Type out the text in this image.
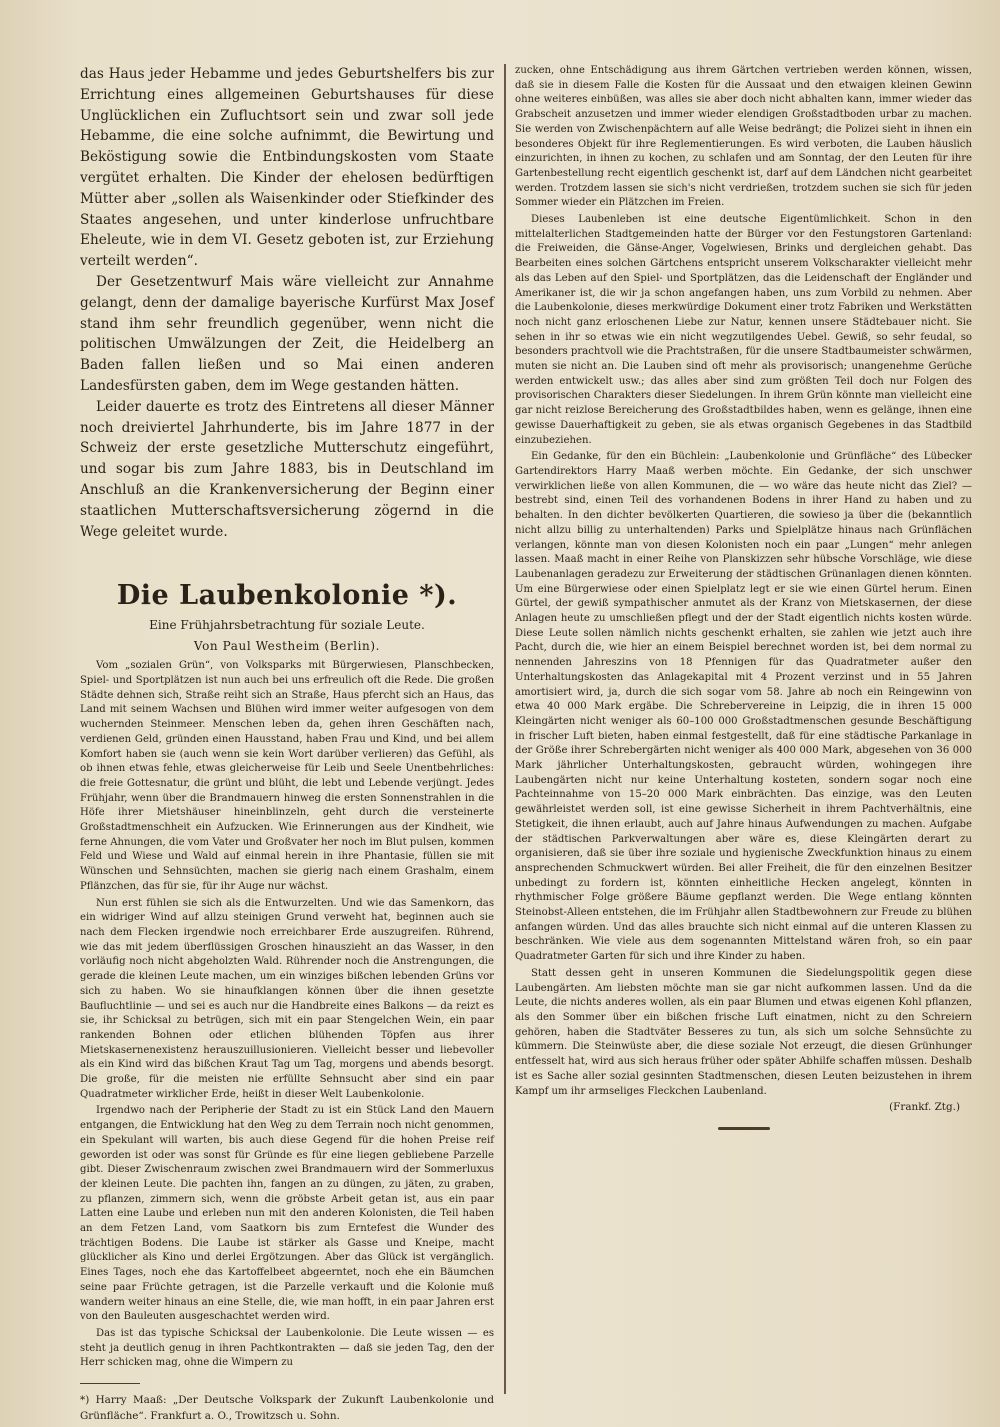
das Haus jeder Hebamme und jedes Geburtshelfers bis zur Errichtung eines allgemeinen Geburtshauses für diese Unglücklichen ein Zufluchtsort sein und zwar soll jede Hebamme, die eine solche aufnimmt, die Bewirtung und Beköstigung sowie die Entbindungskosten vom Staate vergütet erhalten. Die Kinder der ehelosen bedürftigen Mütter aber „sollen als Waisenkinder oder Stiefkinder des Staates angesehen, und unter kinderlose unfruchtbare Eheleute, wie in dem VI. Gesetz geboten ist, zur Erziehung verteilt werden“.

Der Gesetzentwurf Mais wäre vielleicht zur Annahme gelangt, denn der damalige bayerische Kurfürst Max Josef stand ihm sehr freundlich gegenüber, wenn nicht die politischen Umwälzungen der Zeit, die Heidelberg an Baden fallen ließen und so Mai einen anderen Landesfürsten gaben, dem im Wege gestanden hätten.

Leider dauerte es trotz des Eintretens all dieser Männer noch dreiviertel Jahrhunderte, bis im Jahre 1877 in der Schweiz der erste gesetzliche Mutterschutz eingeführt, und sogar bis zum Jahre 1883, bis in Deutschland im Anschluß an die Krankenversicherung der Beginn einer staatlichen Mutterschaftsversicherung zögernd in die Wege geleitet wurde.

Die Laubenkolonie *).
Eine Frühjahrsbetrachtung für soziale Leute.
Von Paul Westheim (Berlin).

Vom „sozialen Grün“, von Volksparks mit Bürgerwiesen, Planschbecken, Spiel- und Sportplätzen ist nun auch bei uns erfreulich oft die Rede. Die großen Städte dehnen sich, Straße reiht sich an Straße, Haus pfercht sich an Haus, das Land mit seinem Wachsen und Blühen wird immer weiter aufgesogen von dem wuchernden Steinmeer. Menschen leben da, gehen ihren Geschäften nach, verdienen Geld, gründen einen Hausstand, haben Frau und Kind, und bei allem Komfort haben sie (auch wenn sie kein Wort darüber verlieren) das Gefühl, als ob ihnen etwas fehle, etwas gleicherweise für Leib und Seele Unentbehrliches: die freie Gottesnatur, die grünt und blüht, die lebt und Lebende verjüngt. Jedes Frühjahr, wenn über die Brandmauern hinweg die ersten Sonnenstrahlen in die Höfe ihrer Mietshäuser hineinblinzeln, geht durch die versteinerte Großstadtmenschheit ein Aufzucken. Wie Erinnerungen aus der Kindheit, wie ferne Ahnungen, die vom Vater und Großvater her noch im Blut pulsen, kommen Feld und Wiese und Wald auf einmal herein in ihre Phantasie, füllen sie mit Wünschen und Sehnsüchten, machen sie gierig nach einem Grashalm, einem Pflänzchen, das für sie, für ihr Auge nur wächst.

Nun erst fühlen sie sich als die Entwurzelten. Und wie das Samenkorn, das ein widriger Wind auf allzu steinigen Grund verweht hat, beginnen auch sie nach dem Flecken irgendwie noch erreichbarer Erde auszugreifen. Rührend, wie das mit jedem überflüssigen Groschen hinauszieht an das Wasser, in den vorläufig noch nicht abgeholzten Wald. Rührender noch die Anstrengungen, die gerade die kleinen Leute machen, um ein winziges bißchen lebenden Grüns vor sich zu haben. Wo sie hinaufklangen können über die ihnen gesetzte Baufluchtlinie — und sei es auch nur die Handbreite eines Balkons — da reizt es sie, ihr Schicksal zu betrügen, sich mit ein paar Stengelchen Wein, ein paar rankenden Bohnen oder etlichen blühenden Töpfen aus ihrer Mietskasernenexistenz herauszuillusionieren. Vielleicht besser und liebevoller als ein Kind wird das bißchen Kraut Tag um Tag, morgens und abends besorgt. Die große, für die meisten nie erfüllte Sehnsucht aber sind ein paar Quadratmeter wirklicher Erde, heißt in dieser Welt Laubenkolonie.

Irgendwo nach der Peripherie der Stadt zu ist ein Stück Land den Mauern entgangen, die Entwicklung hat den Weg zu dem Terrain noch nicht genommen, ein Spekulant will warten, bis auch diese Gegend für die hohen Preise reif geworden ist oder was sonst für Gründe es für eine liegen gebliebene Parzelle gibt. Dieser Zwischenraum zwischen zwei Brandmauern wird der Sommerluxus der kleinen Leute. Die pachten ihn, fangen an zu düngen, zu jäten, zu graben, zu pflanzen, zimmern sich, wenn die gröbste Arbeit getan ist, aus ein paar Latten eine Laube und erleben nun mit den anderen Kolonisten, die Teil haben an dem Fetzen Land, vom Saatkorn bis zum Erntefest die Wunder des trächtigen Bodens. Die Laube ist stärker als Gasse und Kneipe, macht glücklicher als Kino und derlei Ergötzungen. Aber das Glück ist vergänglich. Eines Tages, noch ehe das Kartoffelbeet abgeerntet, noch ehe ein Bäumchen seine paar Früchte getragen, ist die Parzelle verkauft und die Kolonie muß wandern weiter hinaus an eine Stelle, die, wie man hofft, in ein paar Jahren erst von den Bauleuten ausgeschachtet werden wird.

Das ist das typische Schicksal der Laubenkolonie. Die Leute wissen — es steht ja deutlich genug in ihren Pachtkontrakten — daß sie jeden Tag, den der Herr schicken mag, ohne die Wimpern zu

*) Harry Maaß: „Der Deutsche Volkspark der Zukunft Laubenkolonie und Grünfläche“. Frankfurt a. O., Trowitzsch u. Sohn.

zucken, ohne Entschädigung aus ihrem Gärtchen vertrieben werden können, wissen, daß sie in diesem Falle die Kosten für die Aussaat und den etwaigen kleinen Gewinn ohne weiteres einbüßen, was alles sie aber doch nicht abhalten kann, immer wieder das Grabscheit anzusetzen und immer wieder elendigen Großstadtboden urbar zu machen. Sie werden von Zwischenpächtern auf alle Weise bedrängt; die Polizei sieht in ihnen ein besonderes Objekt für ihre Reglementierungen. Es wird verboten, die Lauben häuslich einzurichten, in ihnen zu kochen, zu schlafen und am Sonntag, der den Leuten für ihre Gartenbestellung recht eigentlich geschenkt ist, darf auf dem Ländchen nicht gearbeitet werden. Trotzdem lassen sie sich's nicht verdrießen, trotzdem suchen sie sich für jeden Sommer wieder ein Plätzchen im Freien.

Dieses Laubenleben ist eine deutsche Eigentümlichkeit. Schon in den mittelalterlichen Stadtgemeinden hatte der Bürger vor den Festungstoren Gartenland: die Freiweiden, die Gänse-Anger, Vogelwiesen, Brinks und dergleichen gehabt. Das Bearbeiten eines solchen Gärtchens entspricht unserem Volkscharakter vielleicht mehr als das Leben auf den Spiel- und Sportplätzen, das die Leidenschaft der Engländer und Amerikaner ist, die wir ja schon angefangen haben, uns zum Vorbild zu nehmen. Aber die Laubenkolonie, dieses merkwürdige Dokument einer trotz Fabriken und Werkstätten noch nicht ganz erloschenen Liebe zur Natur, kennen unsere Städtebauer nicht. Sie sehen in ihr so etwas wie ein nicht wegzutilgendes Uebel. Gewiß, so sehr feudal, so besonders prachtvoll wie die Prachtstraßen, für die unsere Stadtbaumeister schwärmen, muten sie nicht an. Die Lauben sind oft mehr als provisorisch; unangenehme Gerüche werden entwickelt usw.; das alles aber sind zum größten Teil doch nur Folgen des provisorischen Charakters dieser Siedelungen. In ihrem Grün könnte man vielleicht eine gar nicht reizlose Bereicherung des Großstadtbildes haben, wenn es gelänge, ihnen eine gewisse Dauerhaftigkeit zu geben, sie als etwas organisch Gegebenes in das Stadtbild einzubeziehen.

Ein Gedanke, für den ein Büchlein: „Laubenkolonie und Grünfläche“ des Lübecker Gartendirektors Harry Maaß werben möchte. Ein Gedanke, der sich unschwer verwirklichen ließe von allen Kommunen, die — wo wäre das heute nicht das Ziel? — bestrebt sind, einen Teil des vorhandenen Bodens in ihrer Hand zu haben und zu behalten. In den dichter bevölkerten Quartieren, die sowieso ja über die (bekanntlich nicht allzu billig zu unterhaltenden) Parks und Spielplätze hinaus nach Grünflächen verlangen, könnte man von diesen Kolonisten noch ein paar „Lungen“ mehr anlegen lassen. Maaß macht in einer Reihe von Planskizzen sehr hübsche Vorschläge, wie diese Laubenanlagen geradezu zur Erweiterung der städtischen Grünanlagen dienen könnten. Um eine Bürgerwiese oder einen Spielplatz legt er sie wie einen Gürtel herum. Einen Gürtel, der gewiß sympathischer anmutet als der Kranz von Mietskasernen, der diese Anlagen heute zu umschließen pflegt und der der Stadt eigentlich nichts kosten würde. Diese Leute sollen nämlich nichts geschenkt erhalten, sie zahlen wie jetzt auch ihre Pacht, durch die, wie hier an einem Beispiel berechnet worden ist, bei dem normal zu nennenden Jahreszins von 18 Pfennigen für das Quadratmeter außer den Unterhaltungskosten das Anlagekapital mit 4 Prozent verzinst und in 55 Jahren amortisiert wird, ja, durch die sich sogar vom 58. Jahre ab noch ein Reingewinn von etwa 40 000 Mark ergäbe. Die Schrebervereine in Leipzig, die in ihren 15 000 Kleingärten nicht weniger als 60–100 000 Großstadtmenschen gesunde Beschäftigung in frischer Luft bieten, haben einmal festgestellt, daß für eine städtische Parkanlage in der Größe ihrer Schrebergärten nicht weniger als 400 000 Mark, abgesehen von 36 000 Mark jährlicher Unterhaltungskosten, gebraucht würden, wohingegen ihre Laubengärten nicht nur keine Unterhaltung kosteten, sondern sogar noch eine Pachteinnahme von 15–20 000 Mark einbrächten. Das einzige, was den Leuten gewährleistet werden soll, ist eine gewisse Sicherheit in ihrem Pachtverhältnis, eine Stetigkeit, die ihnen erlaubt, auch auf Jahre hinaus Aufwendungen zu machen. Aufgabe der städtischen Parkverwaltungen aber wäre es, diese Kleingärten derart zu organisieren, daß sie über ihre soziale und hygienische Zweckfunktion hinaus zu einem ansprechenden Schmuckwert würden. Bei aller Freiheit, die für den einzelnen Besitzer unbedingt zu fordern ist, könnten einheitliche Hecken angelegt, könnten in rhythmischer Folge größere Bäume gepflanzt werden. Die Wege entlang könnten Steinobst-Alleen entstehen, die im Frühjahr allen Stadtbewohnern zur Freude zu blühen anfangen würden. Und das alles brauchte sich nicht einmal auf die unteren Klassen zu beschränken. Wie viele aus dem sogenannten Mittelstand wären froh, so ein paar Quadratmeter Garten für sich und ihre Kinder zu haben.

Statt dessen geht in unseren Kommunen die Siedelungspolitik gegen diese Laubengärten. Am liebsten möchte man sie gar nicht aufkommen lassen. Und da die Leute, die nichts anderes wollen, als ein paar Blumen und etwas eigenen Kohl pflanzen, als den Sommer über ein bißchen frische Luft einatmen, nicht zu den Schreiern gehören, haben die Stadtväter Besseres zu tun, als sich um solche Sehnsüchte zu kümmern. Die Steinwüste aber, die diese soziale Not erzeugt, die diesen Grünhunger entfesselt hat, wird aus sich heraus früher oder später Abhilfe schaffen müssen. Deshalb ist es Sache aller sozial gesinnten Stadtmenschen, diesen Leuten beizustehen in ihrem Kampf um ihr armseliges Fleckchen Laubenland.

(Frankf. Ztg.)
